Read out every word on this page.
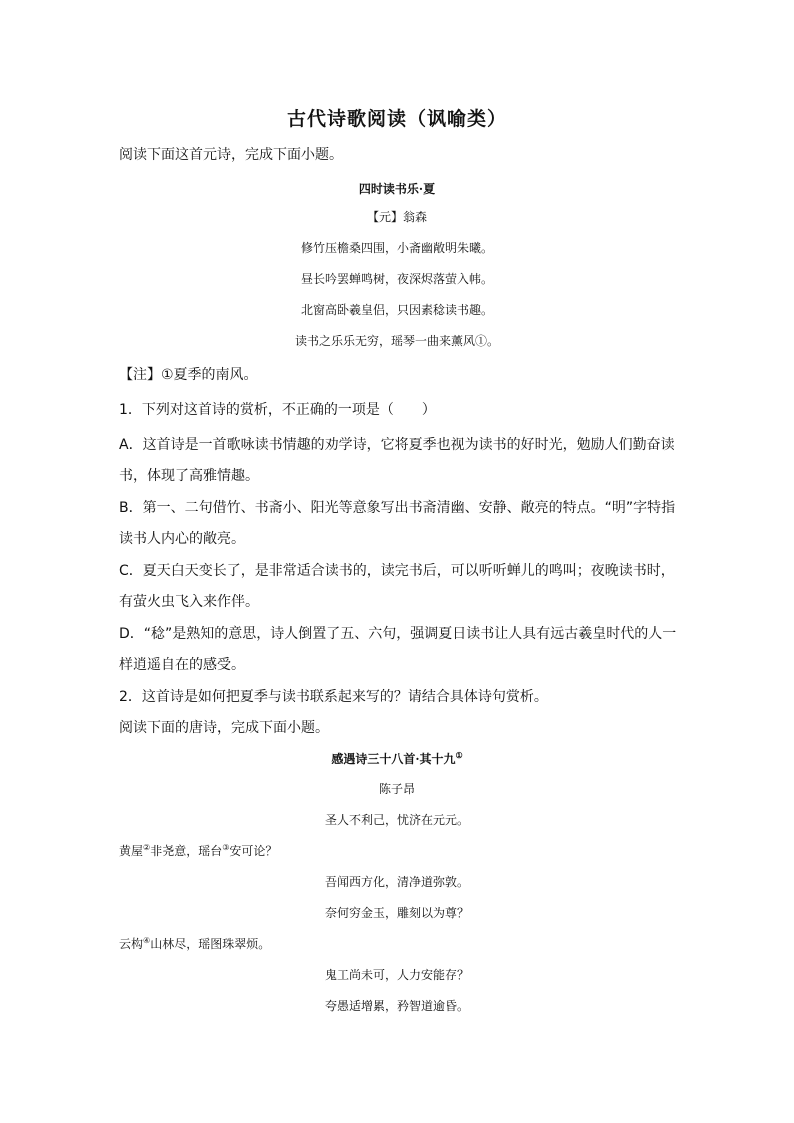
古代诗歌阅读（讽喻类）
阅读下面这首元诗，完成下面小题。
四时读书乐·夏
【元】翁森
修竹压檐桑四围，小斋幽敞明朱曦。
昼长吟罢蝉鸣树，夜深烬落萤入帏。
北窗高卧羲皇侣，只因素稔读书趣。
读书之乐乐无穷，瑶琴一曲来薰风①。
【注】①夏季的南风。
1．下列对这首诗的赏析，不正确的一项是（　　）
A．这首诗是一首歌咏读书情趣的劝学诗，它将夏季也视为读书的好时光，勉励人们勤奋读
书，体现了高雅情趣。
B．第一、二句借竹、书斋小、阳光等意象写出书斋清幽、安静、敞亮的特点。“明”字特指
读书人内心的敞亮。
C．夏天白天变长了，是非常适合读书的，读完书后，可以听听蝉儿的鸣叫；夜晚读书时，
有萤火虫飞入来作伴。
D．“稔”是熟知的意思，诗人倒置了五、六句，强调夏日读书让人具有远古羲皇时代的人一
样逍遥自在的感受。
2．这首诗是如何把夏季与读书联系起来写的？请结合具体诗句赏析。
阅读下面的唐诗，完成下面小题。
感遇诗三十八首·其十九①
陈子昂
圣人不利己，忧济在元元。
黄屋②非尧意，瑶台③安可论？
吾闻西方化，清净道弥敦。
奈何穷金玉，雕刻以为尊？
云构④山林尽，瑶图珠翠烦。
鬼工尚未可，人力安能存？
夸愚适增累，矜智道逾昏。
